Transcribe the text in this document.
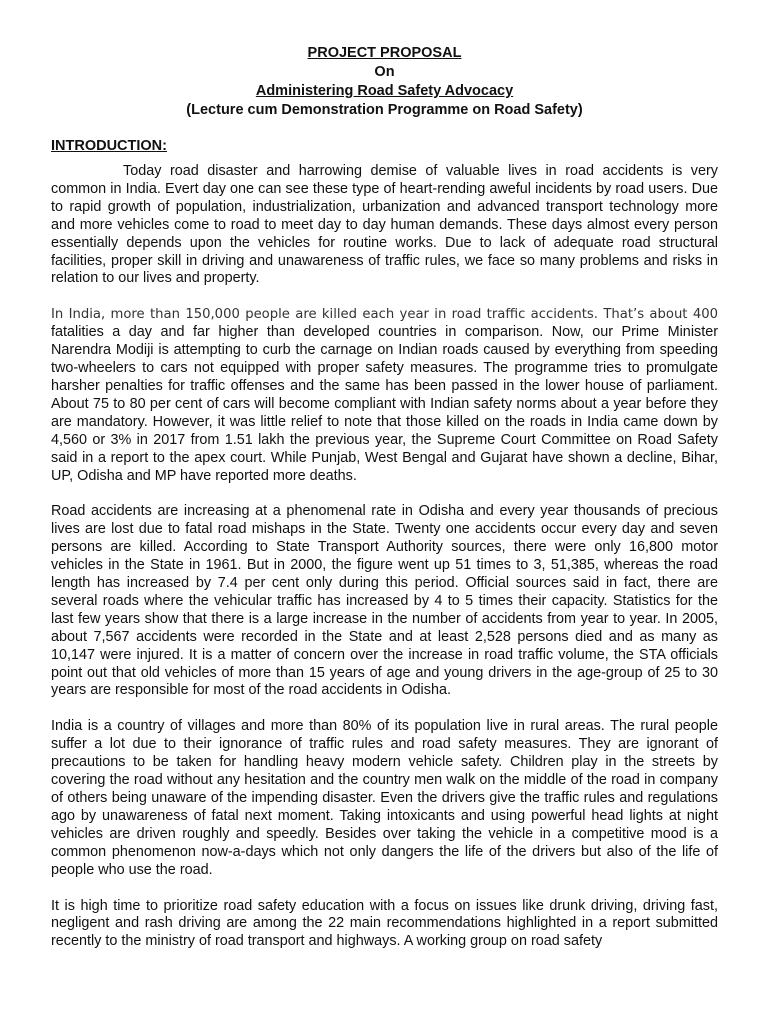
PROJECT PROPOSAL
On
Administering Road Safety Advocacy
(Lecture cum Demonstration Programme on Road Safety)
INTRODUCTION:

Today road disaster and harrowing demise of valuable lives in road accidents is very common in India. Evert day one can see these type of heart-rending aweful incidents by road users. Due to rapid growth of population, industrialization, urbanization and advanced transport technology more and more vehicles come to road to meet day to day human demands. These days almost every person essentially depends upon the vehicles for routine works. Due to lack of adequate road structural facilities, proper skill in driving and unawareness of traffic rules, we face so many problems and risks in relation to our lives and property.

In India, more than 150,000 people are killed each year in road traffic accidents. That’s about 400 fatalities a day and far higher than developed countries in comparison. Now, our Prime Minister Narendra Modiji is attempting to curb the carnage on Indian roads caused by everything from speeding two-wheelers to cars not equipped with proper safety measures. The programme tries to promulgate harsher penalties for traffic offenses and the same has been passed in the lower house of parliament. About 75 to 80 per cent of cars will become compliant with Indian safety norms about a year before they are mandatory. However, it was little relief to note that those killed on the roads in India came down by 4,560 or 3% in 2017 from 1.51 lakh the previous year, the Supreme Court Committee on Road Safety said in a report to the apex court. While Punjab, West Bengal and Gujarat have shown a decline, Bihar, UP, Odisha and MP have reported more deaths.

Road accidents are increasing at a phenomenal rate in Odisha and every year thousands of precious lives are lost due to fatal road mishaps in the State. Twenty one accidents occur every day and seven persons are killed. According to State Transport Authority sources, there were only 16,800 motor vehicles in the State in 1961. But in 2000, the figure went up 51 times to 3, 51,385, whereas the road length has increased by 7.4 per cent only during this period. Official sources said in fact, there are several roads where the vehicular traffic has increased by 4 to 5 times their capacity. Statistics for the last few years show that there is a large increase in the number of accidents from year to year. In 2005, about 7,567 accidents were recorded in the State and at least 2,528 persons died and as many as 10,147 were injured. It is a matter of concern over the increase in road traffic volume, the STA officials point out that old vehicles of more than 15 years of age and young drivers in the age-group of 25 to 30 years are responsible for most of the road accidents in Odisha.

India is a country of villages and more than 80% of its population live in rural areas. The rural people suffer a lot due to their ignorance of traffic rules and road safety measures. They are ignorant of precautions to be taken for handling heavy modern vehicle safety. Children play in the streets by covering the road without any hesitation and the country men walk on the middle of the road in company of others being unaware of the impending disaster. Even the drivers give the traffic rules and regulations ago by unawareness of fatal next moment. Taking intoxicants and using powerful head lights at night vehicles are driven roughly and speedly. Besides over taking the vehicle in a competitive mood is a common phenomenon now-a-days which not only dangers the life of the drivers but also of the life of people who use the road.

It is high time to prioritize road safety education with a focus on issues like drunk driving, driving fast, negligent and rash driving are among the 22 main recommendations highlighted in a report submitted recently to the ministry of road transport and highways. A working group on road safety
